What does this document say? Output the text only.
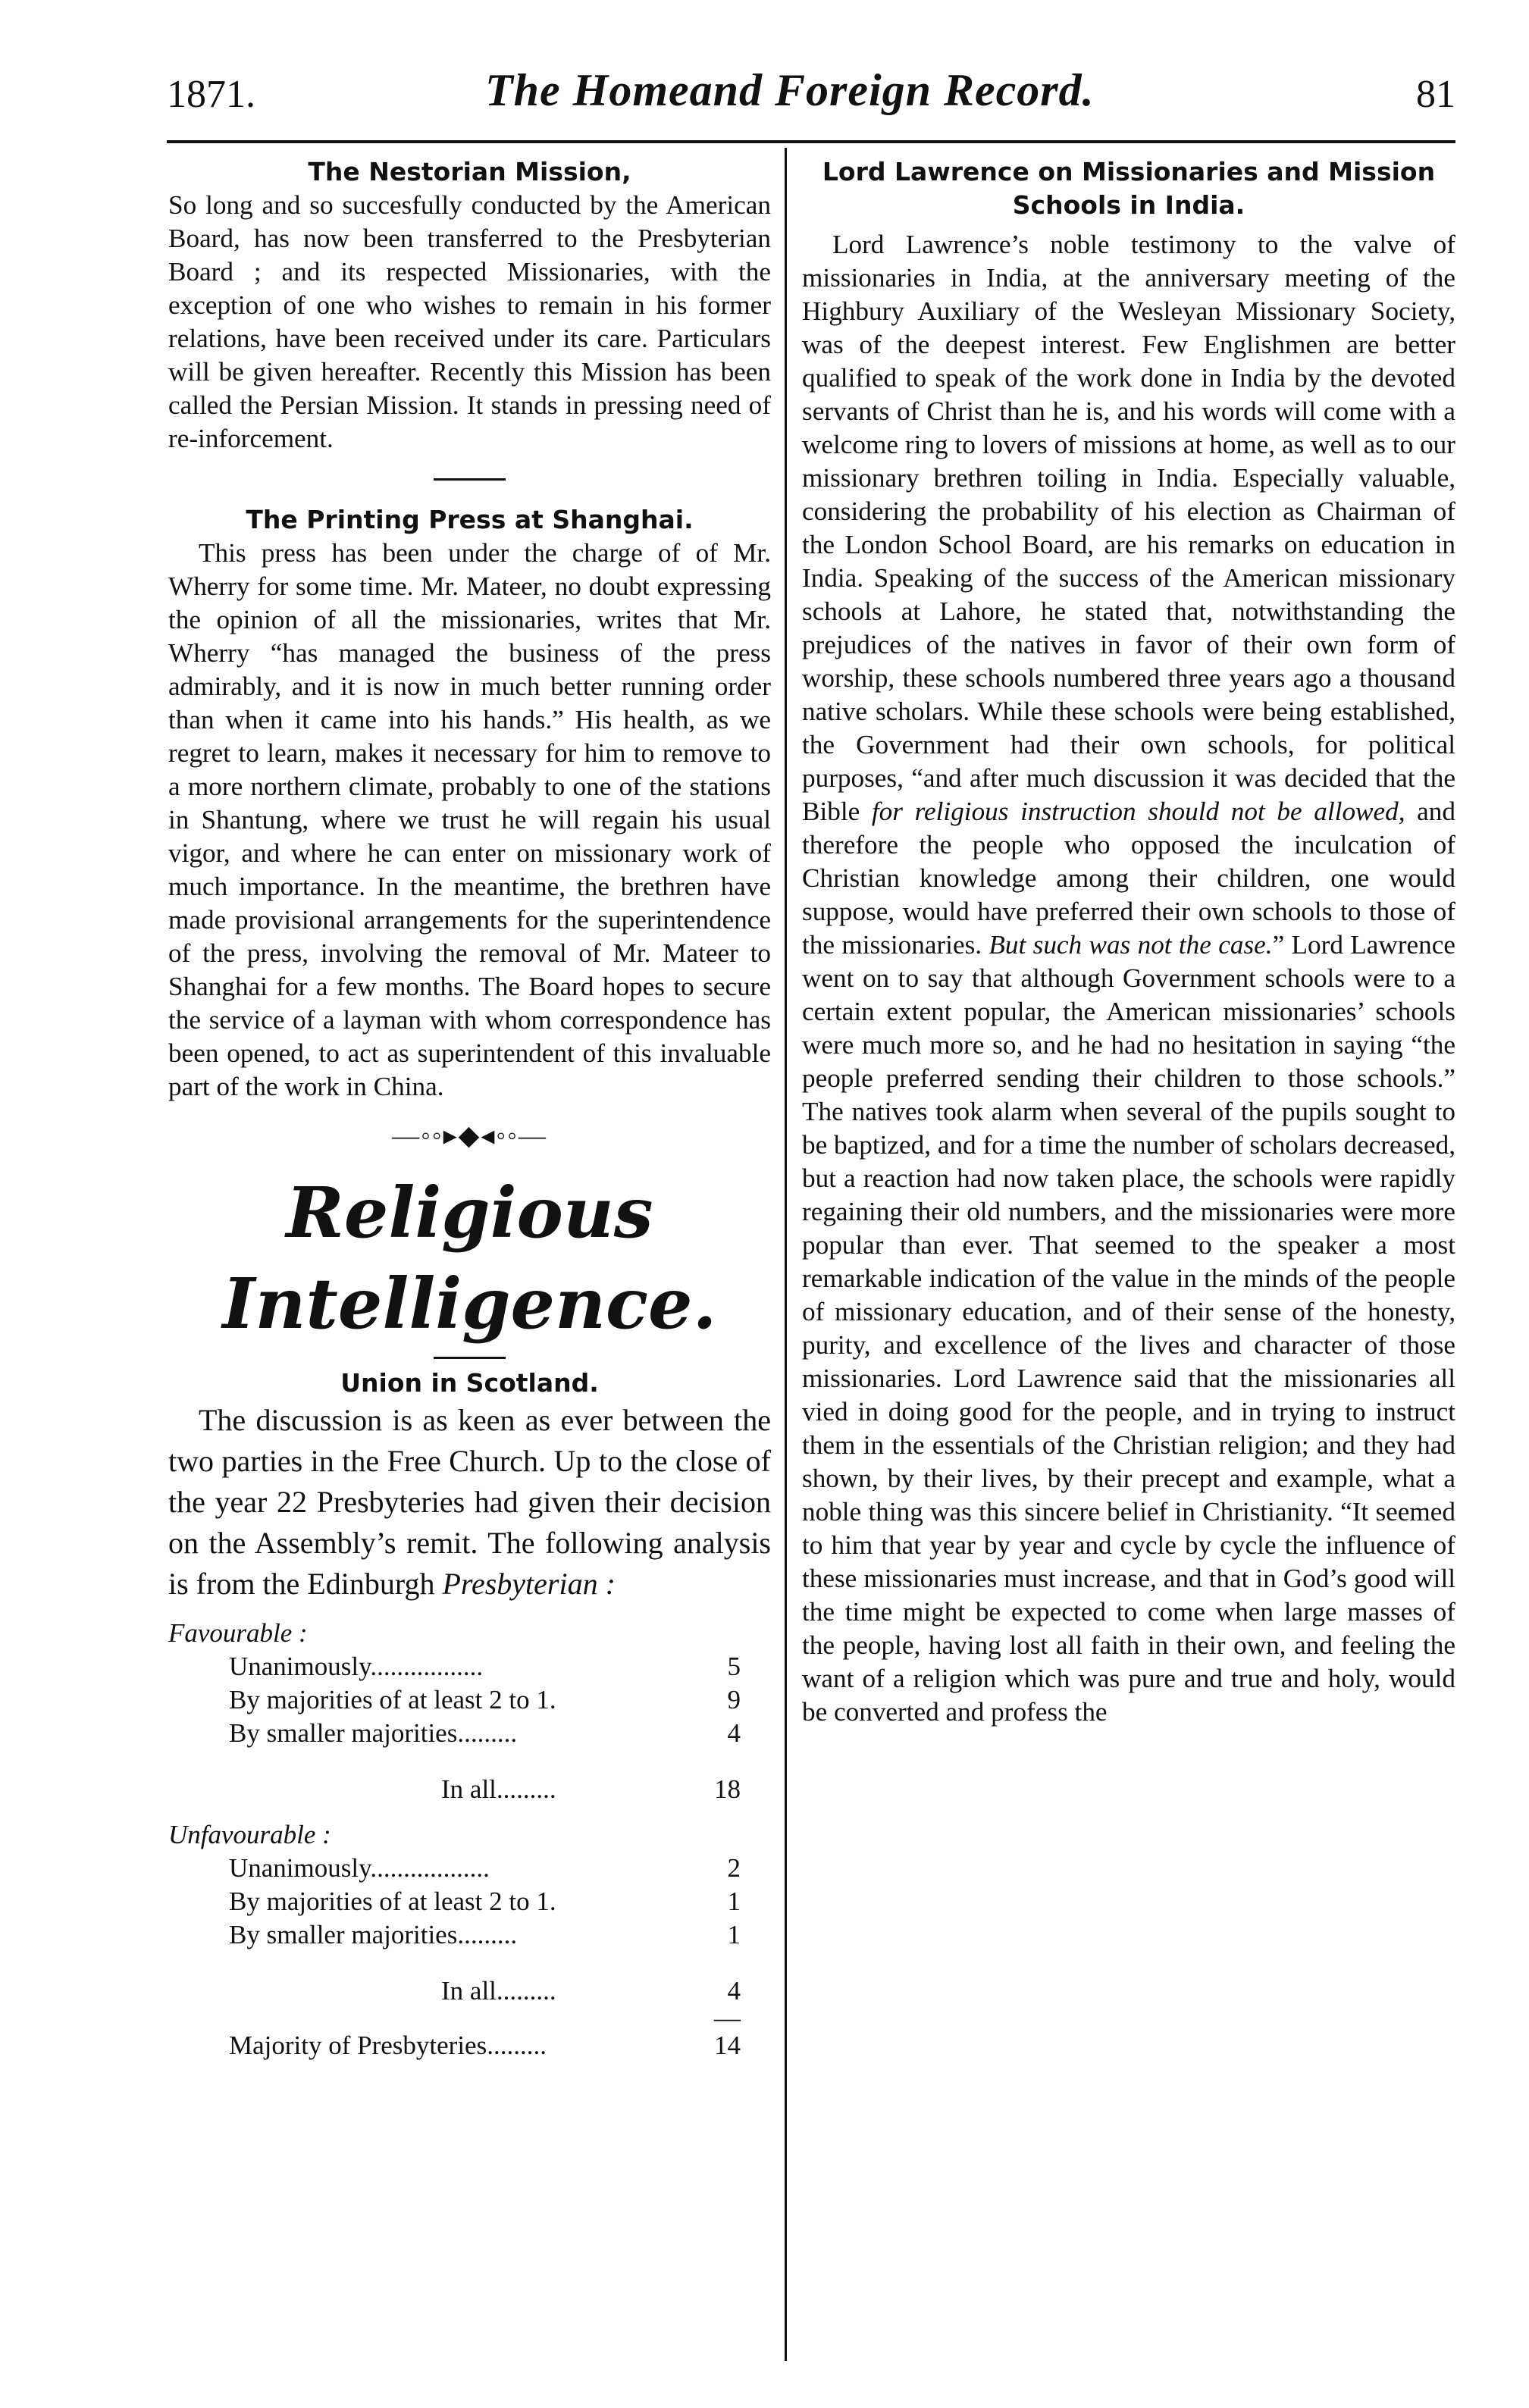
1871.	The Homeand Foreign Record.	81
The Nestorian Mission,

So long and so succesfully conducted by the American Board, has now been transferred to the Presbyterian Board ; and its respected Missionaries, with the exception of one who wishes to remain in his former relations, have been received under its care. Particulars will be given hereafter. Recently this Mission has been called the Persian Mission. It stands in pressing need of re-inforcement.

The Printing Press at Shanghai.

This press has been under the charge of of Mr. Wherry for some time. Mr. Mateer, no doubt expressing the opinion of all the missionaries, writes that Mr. Wherry “has managed the business of the press admirably, and it is now in much better running order than when it came into his hands.” His health, as we regret to learn, makes it necessary for him to remove to a more northern climate, probably to one of the stations in Shantung, where we trust he will regain his usual vigor, and where he can enter on missionary work of much importance. In the meantime, the brethren have made provisional arrangements for the superintendence of the press, involving the removal of Mr. Mateer to Shanghai for a few months. The Board hopes to secure the service of a layman with whom correspondence has been opened, to act as superintendent of this invaluable part of the work in China.

—◦◦▸◆◂◦◦—
Religious Intelligence.
Union in Scotland.

The discussion is as keen as ever between the two parties in the Free Church. Up to the close of the year 22 Presbyteries had given their decision on the Assembly’s remit. The following analysis is from the Edinburgh Presbyterian :

Favourable :
Unanimously.................	5
By majorities of at least 2 to 1.	9
By smaller majorities.........	4
In all.........	18
Unfavourable :
Unanimously..................	2
By majorities of at least 2 to 1.	1
By smaller majorities.........	1
In all.........	4
—
Majority of Presbyteries.........	14
Lord Lawrence on Missionaries and Mission Schools in India.

Lord Lawrence’s noble testimony to the valve of missionaries in India, at the anniversary meeting of the Highbury Auxiliary of the Wesleyan Missionary Society, was of the deepest interest. Few Englishmen are better qualified to speak of the work done in India by the devoted servants of Christ than he is, and his words will come with a welcome ring to lovers of missions at home, as well as to our missionary brethren toiling in India. Especially valuable, considering the probability of his election as Chairman of the London School Board, are his remarks on education in India. Speaking of the success of the American missionary schools at Lahore, he stated that, notwithstanding the prejudices of the natives in favor of their own form of worship, these schools numbered three years ago a thousand native scholars. While these schools were being established, the Government had their own schools, for political purposes, “and after much discussion it was decided that the Bible for religious instruction should not be allowed, and therefore the people who opposed the inculcation of Christian knowledge among their children, one would suppose, would have preferred their own schools to those of the missionaries. But such was not the case.” Lord Lawrence went on to say that although Government schools were to a certain extent popular, the American missionaries’ schools were much more so, and he had no hesitation in saying “the people preferred sending their children to those schools.” The natives took alarm when several of the pupils sought to be baptized, and for a time the number of scholars decreased, but a reaction had now taken place, the schools were rapidly regaining their old numbers, and the missionaries were more popular than ever. That seemed to the speaker a most remarkable indication of the value in the minds of the people of missionary education, and of their sense of the honesty, purity, and excellence of the lives and character of those missionaries. Lord Lawrence said that the missionaries all vied in doing good for the people, and in trying to instruct them in the essentials of the Christian religion; and they had shown, by their lives, by their precept and example, what a noble thing was this sincere belief in Christianity. “It seemed to him that year by year and cycle by cycle the influence of these missionaries must increase, and that in God’s good will the time might be expected to come when large masses of the people, having lost all faith in their own, and feeling the want of a religion which was pure and true and holy, would be converted and profess the
